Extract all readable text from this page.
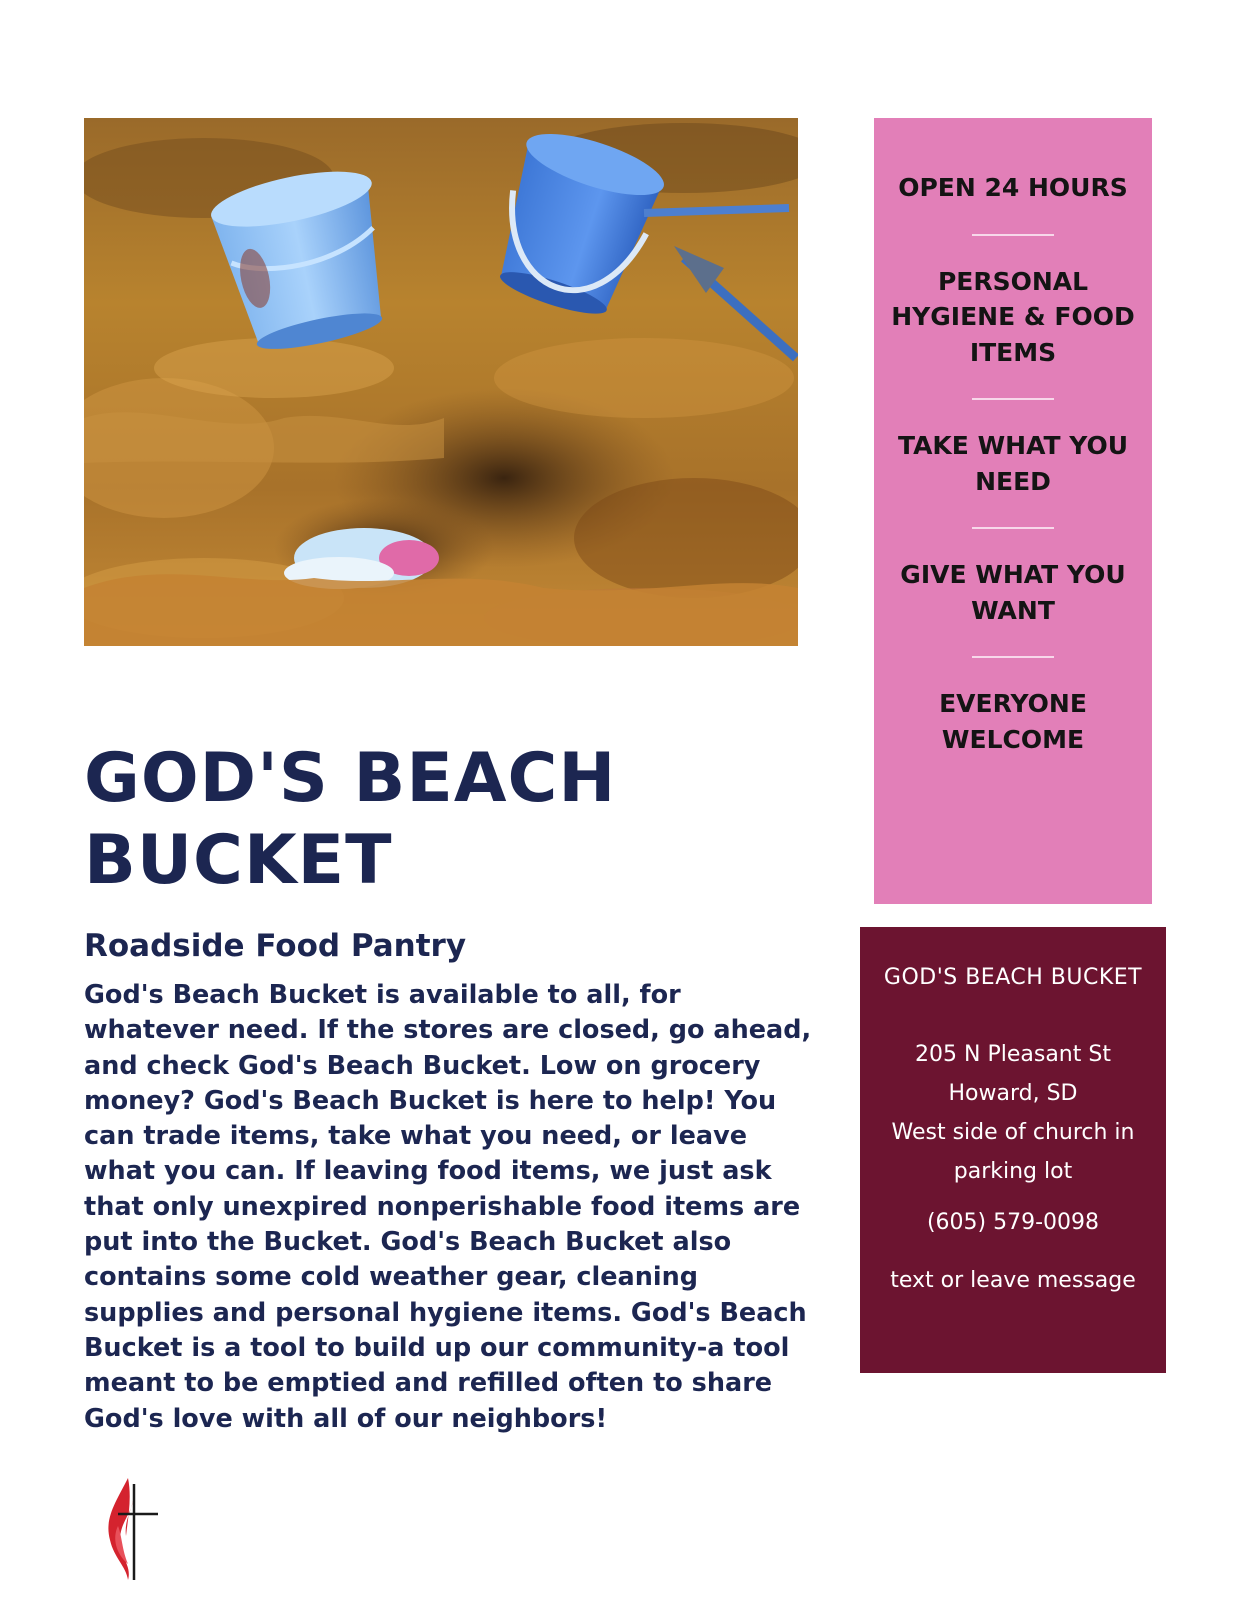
GOD'S BEACH BUCKET
Roadside Food Pantry

God's Beach Bucket is available to all, for whatever need. If the stores are closed, go ahead, and check God's Beach Bucket. Low on grocery money? God's Beach Bucket is here to help! You can trade items, take what you need, or leave what you can. If leaving food items, we just ask that only unexpired nonperishable food items are put into the Bucket. God's Beach Bucket also contains some cold weather gear, cleaning supplies and personal hygiene items. God's Beach Bucket is a tool to build up our community-a tool meant to be emptied and refilled often to share God's love with all of our neighbors!

OPEN 24 HOURS
PERSONAL HYGIENE & FOOD ITEMS
TAKE WHAT YOU NEED
GIVE WHAT YOU WANT
EVERYONE WELCOME
GOD'S BEACH BUCKET
205 N Pleasant St
Howard, SD
West side of church in parking lot
(605) 579-0098
text or leave message
